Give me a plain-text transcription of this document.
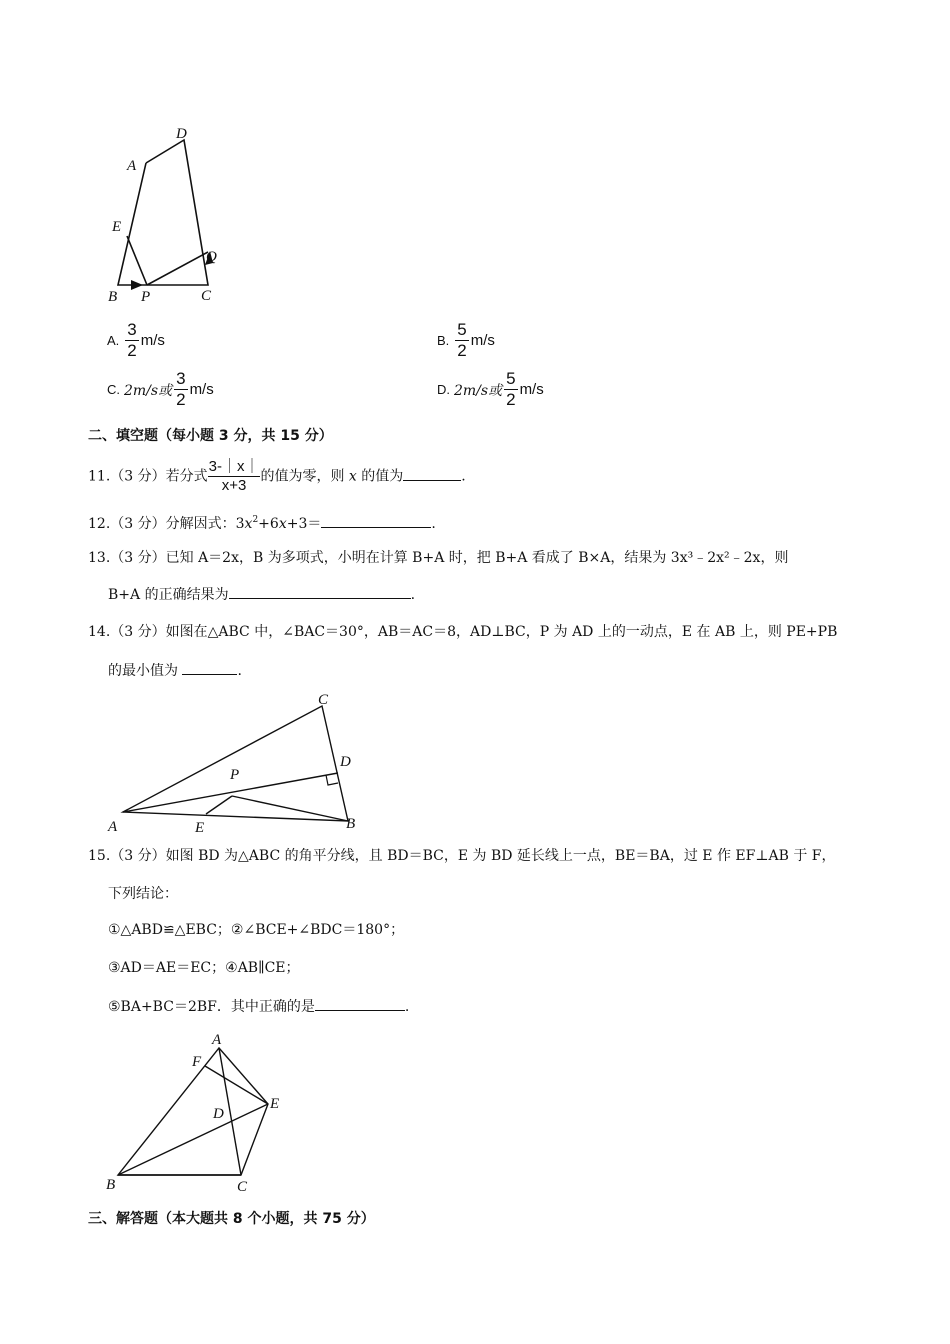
A
D
E
Q
B P	C
A. $\frac{3}{2} m/s$	B. $\frac{5}{2} m/s$
C. 2m/s或 $\frac{3}{2} m/s$	D. 2m/s或 $\frac{5}{2} m/s$
二、填空题（每小题 3 分，共 15 分）
11.（3 分）若分式 $\frac{3-|x|}{x+3}$ 的值为零，则 x 的值为	.
12.（3 分）分解因式：$3x^2+6x+3=$	.
13.（3 分）已知 A＝2x，B 为多项式，小明在计算 B+A 时，把 B+A 看成了 B×A，结果为 3x³﹣2x²﹣2x，则
B+A 的正确结果为	.
14.（3 分）如图在△ABC 中，∠BAC＝30°，AB＝AC＝8，AD⊥BC，P 为 AD 上的一动点，E 在 AB 上，则 PE+PB
的最小值为	.
C
D
P
A	E	B
15.（3 分）如图 BD 为△ABC 的角平分线，且 BD＝BC，E 为 BD 延长线上一点，BE＝BA，过 E 作 EF⊥AB 于 F，
下列结论：
①△ABD≌△EBC；②∠BCE+∠BDC＝180°；
③AD＝AE＝EC；④AB∥CE；
⑤BA+BC＝2BF．其中正确的是	.
A
F
D
E
B	C
三、解答题（本大题共 8 个小题，共 75 分）
